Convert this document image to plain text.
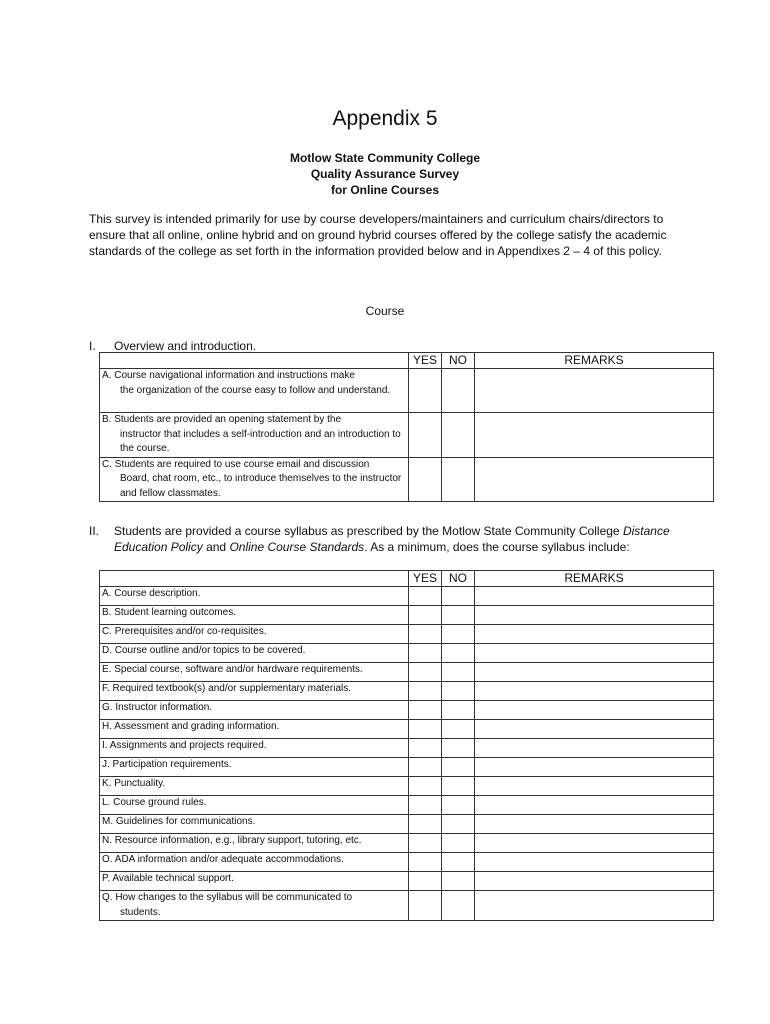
Appendix 5
Motlow State Community College
Quality Assurance Survey
for Online Courses
This survey is intended primarily for use by course developers/maintainers and curriculum chairs/directors to ensure that all online, online hybrid and on ground hybrid courses offered by the college satisfy the academic standards of the college as set forth in the information provided below and in Appendixes 2 – 4 of this policy.
Course
I. Overview and introduction.
	YES	NO	REMARKS
A. Course navigational information and instructions make
the organization of the course easy to follow and understand.			

B. Students are provided an opening statement by the
instructor that includes a self-introduction and an introduction to the course.			

C. Students are required to use course email and discussion
Board, chat room, etc., to introduce themselves to the instructor and fellow classmates.			

II. Students are provided a course syllabus as prescribed by the Motlow State Community College Distance Education Policy and Online Course Standards. As a minimum, does the course syllabus include:
	YES	NO	REMARKS
A. Course description.			
B. Student learning outcomes.			
C. Prerequisites and/or co-requisites.			
D. Course outline and/or topics to be covered.			
E. Special course, software and/or hardware requirements.			
F. Required textbook(s) and/or supplementary materials.			
G. Instructor information.			
H. Assessment and grading information.			
I. Assignments and projects required.			
J. Participation requirements.			
K. Punctuality.			
L. Course ground rules.			
M. Guidelines for communications.			
N. Resource information, e.g., library support, tutoring, etc.			
O. ADA information and/or adequate accommodations.			
P. Available technical support.			
Q. How changes to the syllabus will be communicated to
students.			
